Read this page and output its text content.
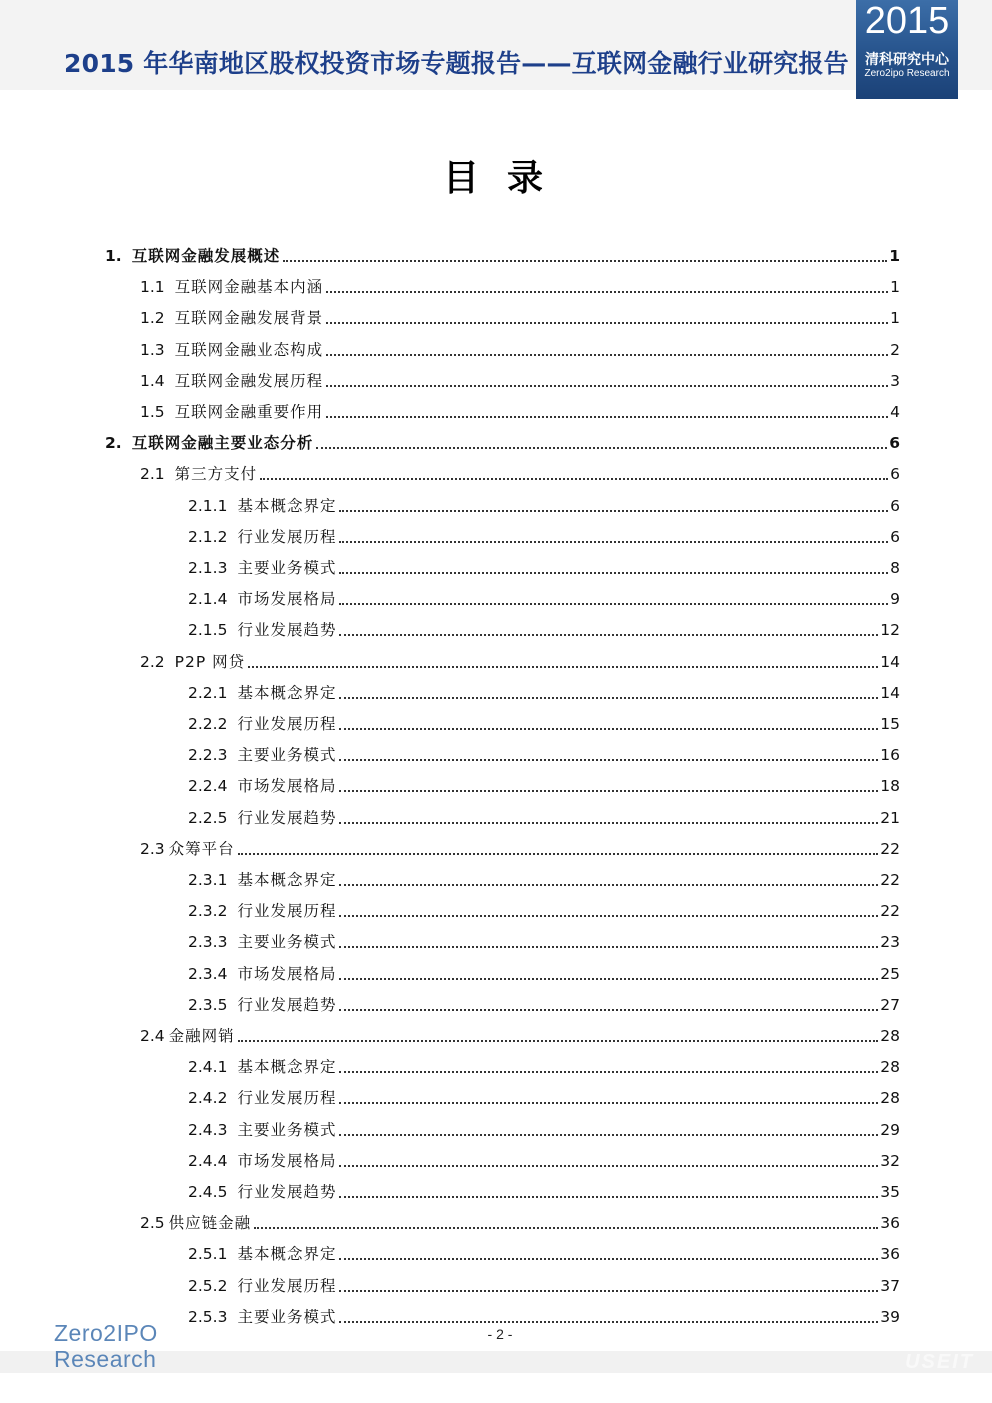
2015 年华南地区股权投资市场专题报告——互联网金融行业研究报告
2015
清科研究中心
Zero2ipo Research
目录
1. 互联网金融发展概述	1
1.1 互联网金融基本内涵	1
1.2 互联网金融发展背景	1
1.3 互联网金融业态构成	2
1.4 互联网金融发展历程	3
1.5 互联网金融重要作用	4
2. 互联网金融主要业态分析	6
2.1 第三方支付	6
2.1.1 基本概念界定	6
2.1.2 行业发展历程	6
2.1.3 主要业务模式	8
2.1.4 市场发展格局	9
2.1.5 行业发展趋势	12
2.2 P2P 网贷	14
2.2.1 基本概念界定	14
2.2.2 行业发展历程	15
2.2.3 主要业务模式	16
2.2.4 市场发展格局	18
2.2.5 行业发展趋势	21
2.3 众筹平台	22
2.3.1 基本概念界定	22
2.3.2 行业发展历程	22
2.3.3 主要业务模式	23
2.3.4 市场发展格局	25
2.3.5 行业发展趋势	27
2.4 金融网销	28
2.4.1 基本概念界定	28
2.4.2 行业发展历程	28
2.4.3 主要业务模式	29
2.4.4 市场发展格局	32
2.4.5 行业发展趋势	35
2.5 供应链金融	36
2.5.1 基本概念界定	36
2.5.2 行业发展历程	37
2.5.3 主要业务模式	39
- 2 -
USEIT
Zero2IPO
Research
